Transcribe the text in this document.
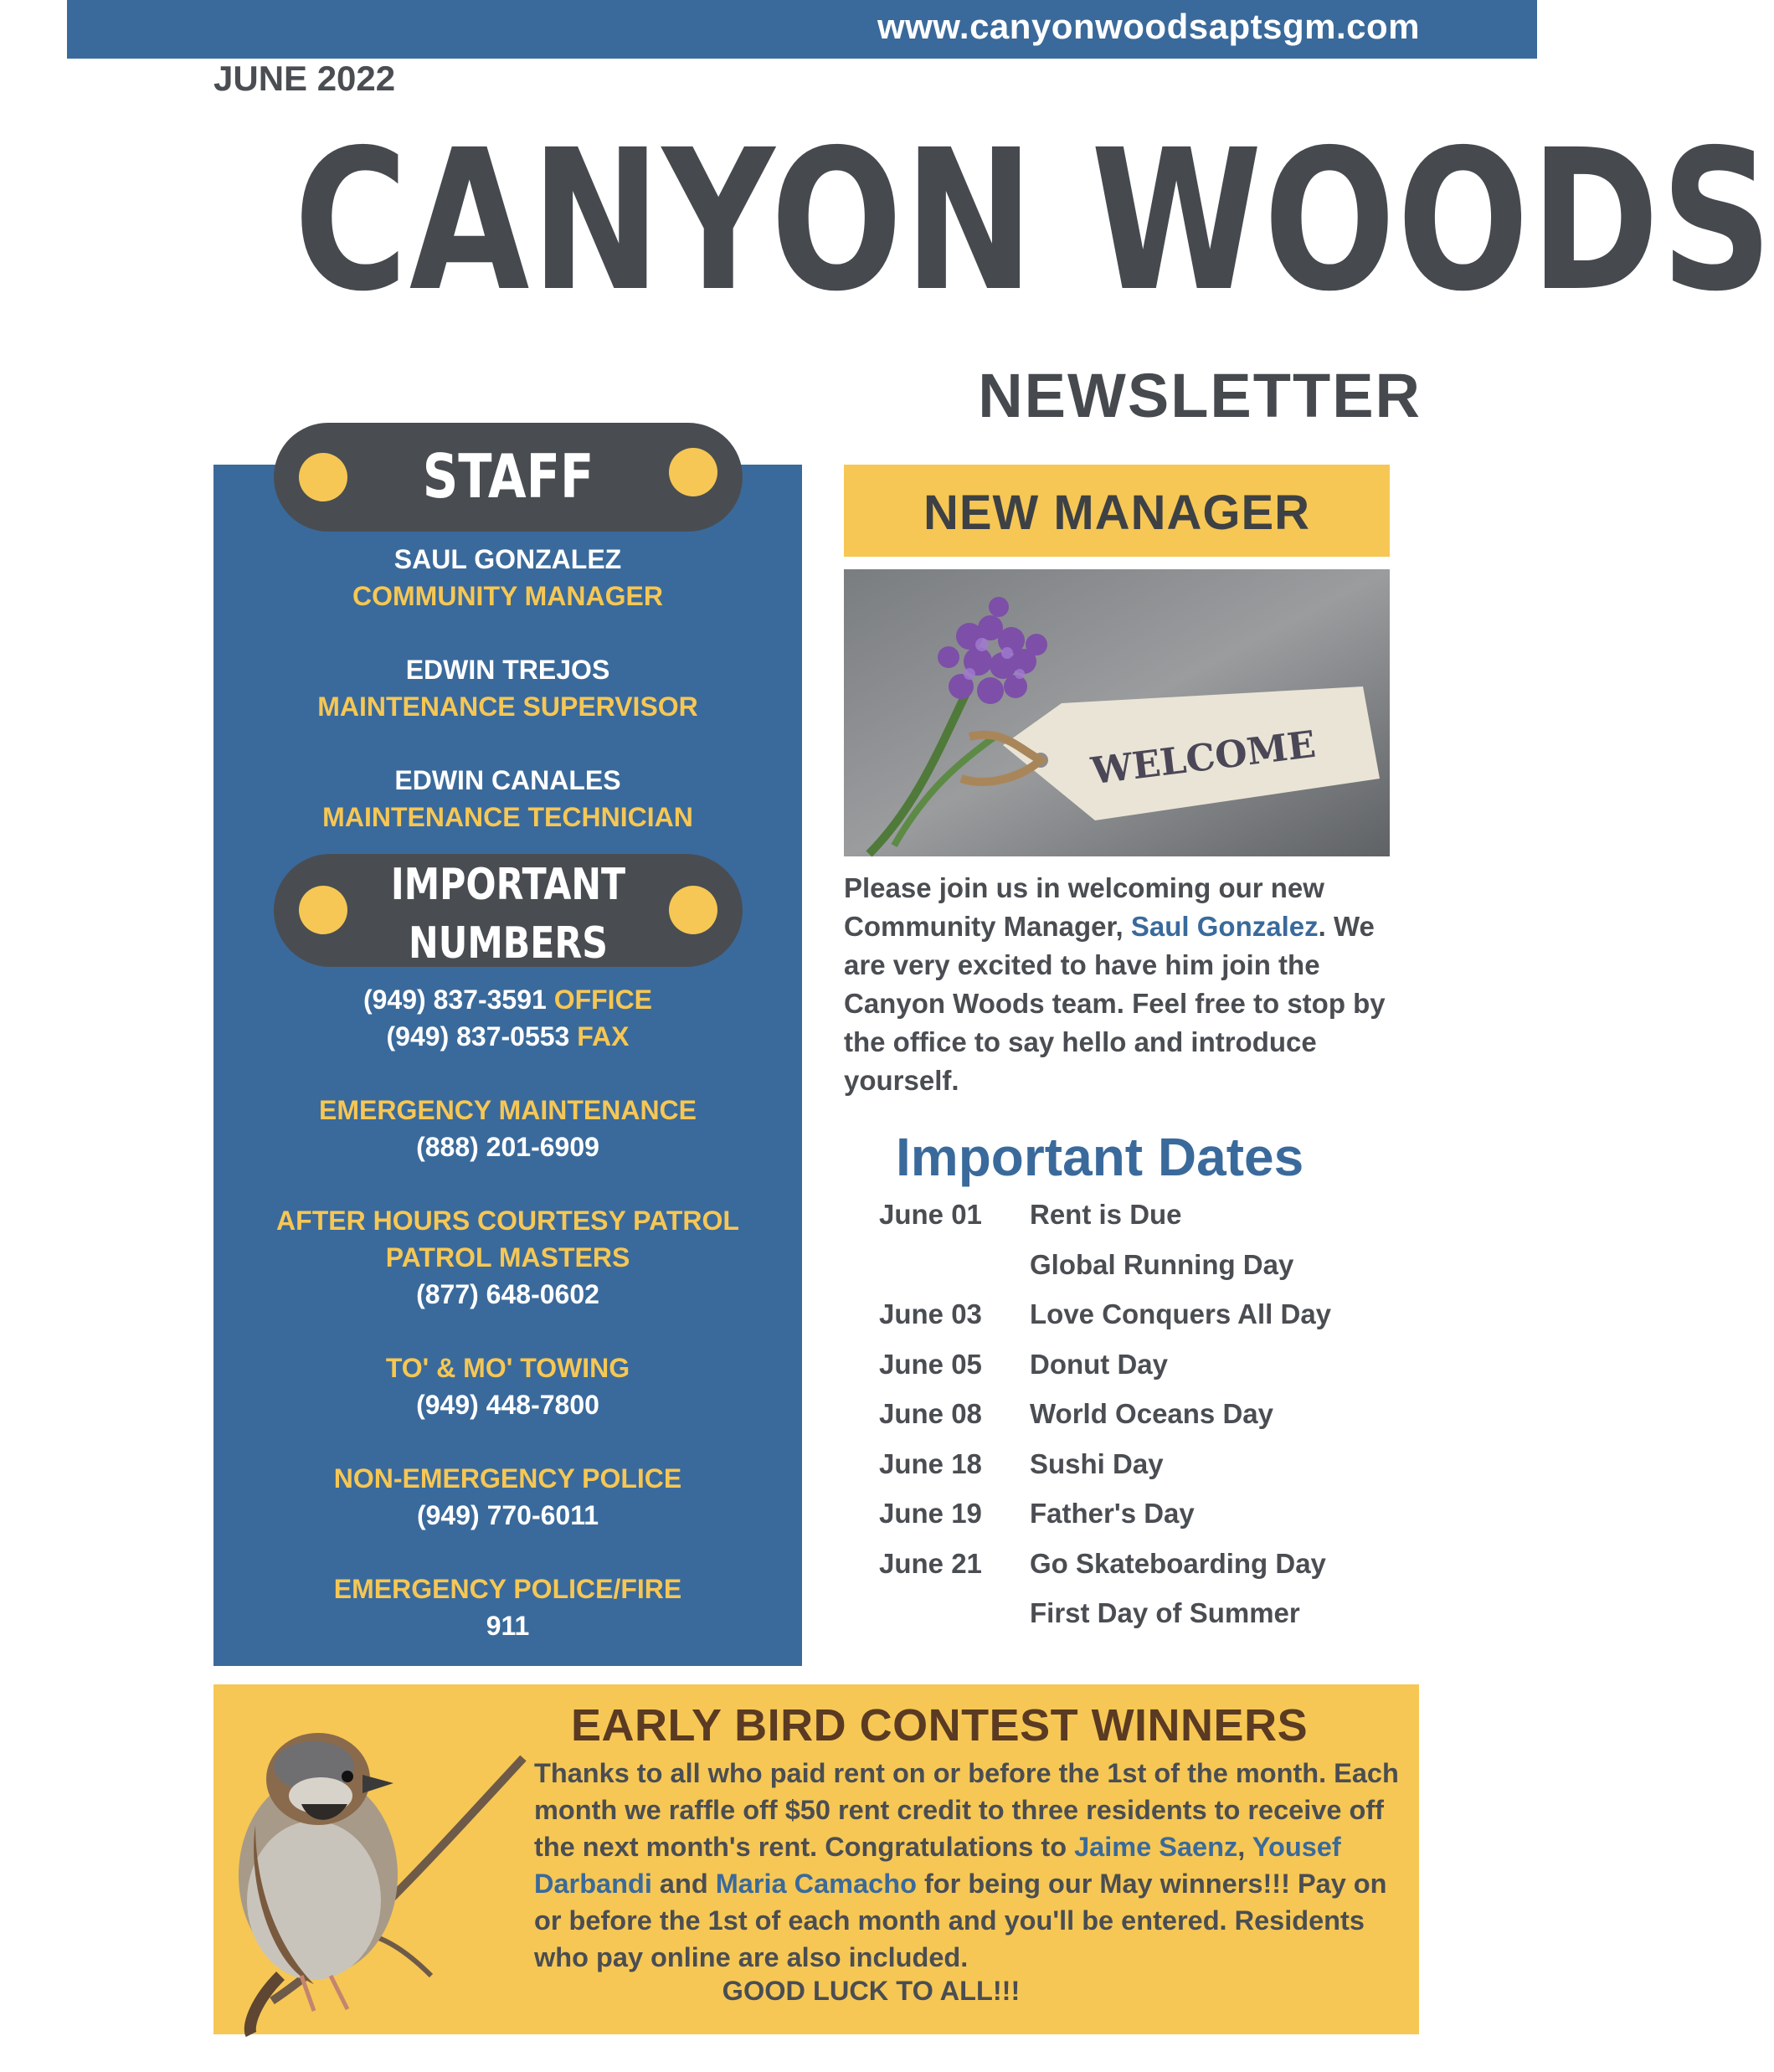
www.canyonwoodsaptsgm.com
JUNE 2022
CANYON WOODS
NEWSLETTER
STAFF
SAUL GONZALEZ
COMMUNITY MANAGER
EDWIN TREJOS
MAINTENANCE SUPERVISOR
EDWIN CANALES
MAINTENANCE TECHNICIAN
IMPORTANT
NUMBERS
(949) 837-3591 OFFICE
(949) 837-0553 FAX
EMERGENCY MAINTENANCE
(888) 201-6909
AFTER HOURS COURTESY PATROL
PATROL MASTERS
(877) 648-0602
TO' & MO' TOWING
(949) 448-7800
NON-EMERGENCY POLICE
(949) 770-6011
EMERGENCY POLICE/FIRE
911
NEW MANAGER
WELCOME
Please join us in welcoming our new Community Manager, Saul Gonzalez. We are very excited to have him join the Canyon Woods team. Feel free to stop by the office to say hello and introduce yourself.
Important Dates
June 01	Rent is Due
Global Running Day
June 03	Love Conquers All Day
June 05	Donut Day
June 08	World Oceans Day
June 18	Sushi Day
June 19	Father's Day
June 21	Go Skateboarding Day
First Day of Summer
EARLY BIRD CONTEST WINNERS
Thanks to all who paid rent on or before the 1st of the month. Each month we raffle off $50 rent credit to three residents to receive off the next month's rent. Congratulations to Jaime Saenz, Yousef Darbandi and Maria Camacho for being our May winners!!! Pay on or before the 1st of each month and you'll be entered. Residents who pay online are also included.
GOOD LUCK TO ALL!!!
